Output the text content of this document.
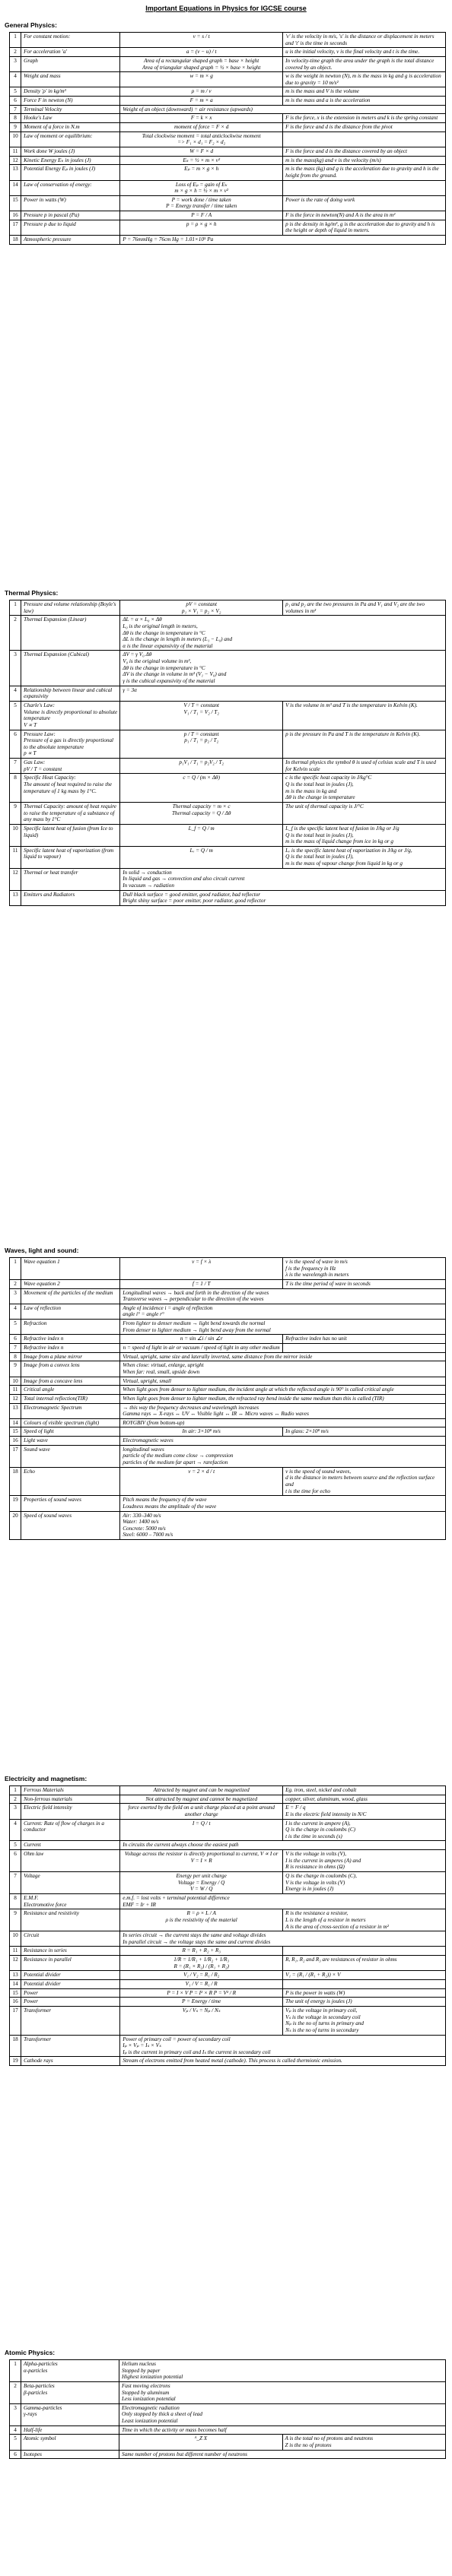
Important Equations in Physics for IGCSE course
General Physics:
1	For constant motion:	v = s / t	'v' is the velocity in m/s, 's' is the distance or displacement in meters and 't' is the time in seconds
2	For acceleration 'a'	a = (v − u) / t	u is the initial velocity, v is the final velocity and t is the time.
3	Graph	Area of a rectangular shaped graph = base × height
Area of triangular shaped graph = ½ × base × height	In velocity-time graph the area under the graph is the total distance covered by an object.
4	Weight and mass	w = m × g	w is the weight in newton (N), m is the mass in kg and g is acceleration due to gravity = 10 m/s²
5	Density 'ρ' in kg/m³	ρ = m / v	m is the mass and V is the volume
6	Force F in newton (N)	F = m × a	m is the mass and a is the acceleration
7	Terminal Velocity	Weight of an object (downward) = air resistance (upwards)	
8	Hooke's Law	F = k × x	F is the force, x is the extension in meters and k is the spring constant
9	Moment of a force in N.m	moment of force = F × d	F is the force and d is the distance from the pivot
10	Law of moment or equilibrium:	Total clockwise moment = total anticlockwise moment
=> F₁ × d₁ = F₂ × d₂	
11	Work done W joules (J)	W = F × d	F is the force and d is the distance covered by an object
12	Kinetic Energy Eₖ in joules (J)	Eₖ = ½ × m × v²	m is the mass(kg) and v is the velocity (m/s)
13	Potential Energy Eₚ in joules (J)	Eₚ = m × g × h	m is the mass (kg) and g is the acceleration due to gravity and h is the height from the ground.
14	Law of conservation of energy:	Loss of Eₚ = gain of Eₖ
m × g × h = ½ × m × v²	
15	Power in watts (W)	P = work done / time taken
P = Energy transfer / time taken	Power is the rate of doing work
16	Pressure p in pascal (Pa)	P = F / A	F is the force in newton(N) and A is the area in m²
17	Pressure p due to liquid	p = ρ × g × h	p is the density in kg/m³, g is the acceleration due to gravity and h is the height or depth of liquid in meters.
18	Atmospheric pressure	P = 76mmHg = 76cm Hg = 1.01×10⁵ Pa	
Thermal Physics:
1	Pressure and volume relationship (Boyle's law)	pV = constant
p₁ × V₁ = p₂ × V₂	p₁ and p₂ are the two pressures in Pa and V₁ and V₂ are the two volumes in m³
2	Thermal Expansion (Linear)	ΔL = α × L₀ × Δθ
L₀ is the original length in meters,
Δθ is the change in temperature in °C
ΔL is the change in length in meters (L₁ − L₀) and
α is the linear expansivity of the material	
3	Thermal Expansion (Cubical)	ΔV = γ V₀ Δθ
V₀ is the original volume in m³,
Δθ is the change in temperature in °C
ΔV is the change in volume in m³ (V₁ − V₀) and
γ is the cubical expansivity of the material	
4	Relationship between linear and cubical expansivity	γ = 3α	
5	Charle's Law:
Volume is directly proportional to absolute temperature
V ∝ T	V / T = constant
V₁ / T₁ = V₂ / T₂	V is the volume in m³ and T is the temperature in Kelvin (K).
6	Pressure Law:
Pressure of a gas is directly proportional to the absolute temperature
p ∝ T	p / T = constant
p₁ / T₁ = p₂ / T₂	p is the pressure in Pa and T is the temperature in Kelvin (K).
7	Gas Law:
pV / T = constant	p₁V₁ / T₁ = p₂V₂ / T₂	In thermal physics the symbol θ is used of celsius scale and T is used for Kelvin scale
8	Specific Heat Capacity:
The amount of heat required to raise the temperature of 1 kg mass by 1°C.	c = Q / (m × Δθ)	c is the specific heat capacity in J/kg°C
Q is the total heat in joules (J),
m is the mass in kg and
Δθ is the change in temperature
9	Thermal Capacity: amount of heat require to raise the temperature of a substance of any mass by 1°C	Thermal capacity = m × c
Thermal capacity = Q / Δθ	The unit of thermal capacity is J/°C
10	Specific latent heat of fusion (from Ice to liquid)	L_f = Q / m	L_f is the specific latent heat of fusion in J/kg or J/g
Q is the total heat in joules (J),
m is the mass of liquid change from ice in kg or g
11	Specific latent heat of vaporization (from liquid to vapour)	Lᵥ = Q / m	Lᵥ is the specific latent heat of vaporization in J/kg or J/g,
Q is the total heat in joules (J),
m is the mass of vapour change from liquid in kg or g
12	Thermal or heat transfer	In solid → conduction
In liquid and gas → convection and also circuit current
In vacuum → radiation	
13	Emitters and Radiators	Dull black surface = good emitter, good radiator, bad reflector
Bright shiny surface = poor emitter, poor radiator, good reflector	
Waves, light and sound:
1	Wave equation 1	v = f × λ	v is the speed of wave in m/s
f is the frequency in Hz
λ is the wavelength in meters
2	Wave equation 2	f = 1 / T	T is the time period of wave in seconds
3	Movement of the particles of the medium	Longitudinal waves → back and forth in the direction of the waves
Transverse waves → perpendicular to the direction of the waves	
4	Law of reflection	Angle of incidence i = angle of reflection
angle i° = angle r°	
5	Refraction	From lighter to denser medium → light bend towards the normal
From denser to lighter medium → light bend away from the normal	
6	Refractive index n	n = sin ∠i / sin ∠r	Refractive index has no unit
7	Refractive index n	n = speed of light in air or vacuum / speed of light in any other medium	
8	Image from a plane mirror	Virtual, upright, same size and laterally inverted, same distance from the mirror inside	
9	Image from a convex lens	When close: virtual, enlarge, upright
When far: real, small, upside down	
10	Image from a concave lens	Virtual, upright, small	
11	Critical angle	When light goes from denser to lighter medium, the incident angle at which the reflected angle is 90° is called critical angle	
12	Total internal reflection(TIR)	When light goes from denser to lighter medium, the refracted ray bend inside the same medium than this is called (TIR)	
13	Electromagnetic Spectrum	→ this way the frequency decreases and wavelength increases
Gamma rays ↔ X-rays ↔ UV ↔ Visible light ↔ IR ↔ Micro waves ↔ Radio waves	
14	Colours of visible spectrum (light)	ROYGBIV (from bottom-up)	
15	Speed of light	In air: 3×10⁸ m/s	In glass: 2×10⁸ m/s
16	Light wave	Electromagnetic waves	
17	Sound wave	longitudinal waves
particle of the medium come close → compression
particles of the medium far apart → rarefaction	
18	Echo	v = 2 × d / t	v is the speed of sound waves,
d is the distance in meters between source and the reflection surface and
t is the time for echo
19	Properties of sound waves	Pitch means the frequency of the wave
Loudness means the amplitude of the wave	
20	Speed of sound waves	Air: 330–340 m/s
Water: 1400 m/s
Concrete: 5000 m/s
Steel: 6000 – 7000 m/s	
Electricity and magnetism:
1	Ferrous Materials	Attracted by magnet and can be magnetized	Eg. iron, steel, nickel and cobalt
2	Non-ferrous materials	Not attracted by magnet and cannot be magnetized	copper, silver, aluminum, wood, glass
3	Electric field intensity	force exerted by the field on a unit charge placed at a point around another charge	E = F / q
E is the electric field intensity in N/C
4	Current: Rate of flow of charges in a conductor	I = Q / t	I is the current in ampere (A),
Q is the charge in coulombs (C)
t is the time in seconds (s)
5	Current	In circuits the current always choose the easiest path	
6	Ohm law	Voltage across the resistor is directly proportional to current, V ∝ I or
V = I × R	V is the voltage in volts (V),
I is the current in amperes (A) and
R is resistance in ohms (Ω)
7	Voltage	Energy per unit charge
Voltage = Energy / Q
V = W / Q	Q is the charge in coulombs (C),
V is the voltage in volts (V)
Energy is in joules (J)
8	E.M.F.
Electromotive force	e.m.f. = lost volts + terminal potential difference
EMF = Ir + IR	
9	Resistance and resistivity	R = ρ × L / A
ρ is the resistivity of the material	R is the resistance a resistor,
L is the length of a resistor in meters
A is the area of cross-section of a resistor in m²
10	Circuit	In series circuit → the current stays the same and voltage divides
In parallel circuit → the voltage stays the same and current divides	
11	Resistance in series	R = R₁ + R₂ + R₃	
12	Resistance in parallel	1/R = 1/R₁ + 1/R₂ + 1/R₃
R = (R₁ × R₂) / (R₁ + R₂)	R, R₁, R₂ and R₃ are resistances of resistor in ohms
13	Potential divider	V₁ / V₂ = R₁ / R₂	V₁ = (R₁ / (R₁ + R₂)) × V
14	Potential divider	V₁ / V = R₁ / R	
15	Power	P = I × V P = I² × R P = V² / R	P is the power in watts (W)
16	Power	P = Energy / time	The unit of energy is joules (J)
17	Transformer	Vₚ / Vₛ = Nₚ / Nₛ	Vₚ is the voltage in primary coil,
Vₛ is the voltage in secondary coil
Nₚ is the no of turns in primary and
Nₛ is the no of turns in secondary
18	Transformer	Power of primary coil = power of secondary coil
Iₚ × Vₚ = Iₛ × Vₛ
Iₚ is the current in primary coil and Iₛ the current in secondary coil	
19	Cathode rays	Stream of electrons emitted from heated metal (cathode). This process is called thermionic emission.	
Atomic Physics:
1	Alpha-particles
α-particles	Helium nucleus
Stopped by paper
Highest ionization potential	
2	Beta-particles
β-particles	Fast moving electrons
Stopped by aluminum
Less ionization potential	
3	Gamma-particles
γ-rays	Electromagnetic radiation
Only stopped by thick a sheet of lead
Least ionization potential	
4	Half-life	Time in which the activity or mass becomes half	
5	Atomic symbol	ᴬ_Z X	A is the total no of protons and neutrons
Z is the no of protons
6	Isotopes	Same number of protons but different number of neutrons	
